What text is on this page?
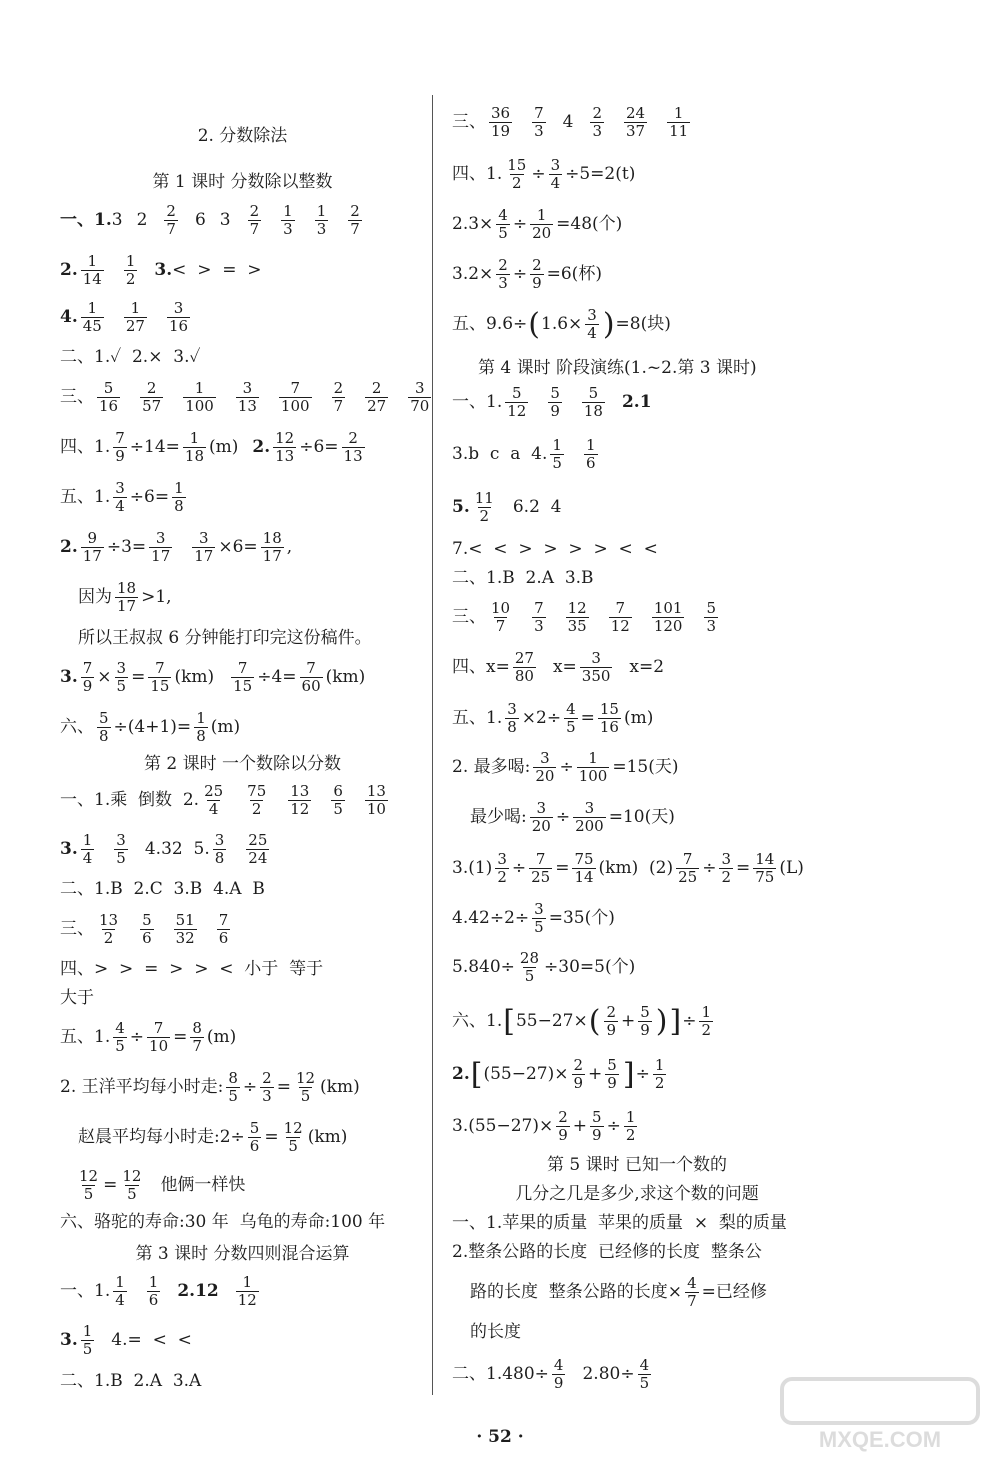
2. 分数除法
第 1 课时 分数除以整数
一、1. 3 $2 \frac{2}{7} 6$ $3 \frac{2}{7} \frac{1}{3} \frac{1}{3} \frac{2}{7}$
2. $\frac{1}{14} \frac{1}{2} 3$. <  >  =  >
4. $\frac{1}{45} \frac{1}{27} \frac{3}{16}$
二、1.✓  2.×  3.✓
三、 $\frac{5}{16} \frac{2}{57} \frac{1}{100} \frac{3}{13} \frac{7}{100} \frac{2}{7} \frac{2}{27} \frac{3}{70}$
四、1. $\frac{7}{9} \div 14= \frac{1}{18} (m)$ 2. $\frac{12}{13} \div 6= \frac{2}{13}$
五、1. $\frac{3}{4} \div 6= \frac{1}{8}$
2. $\frac{9}{17} \div 3= \frac{3}{17} \frac{3}{17} \times 6= \frac{18}{17}$ ,
因为 $\frac{18}{17} >1$,
所以王叔叔 6 分钟能打印完这份稿件。
3. $\frac{7}{9} \times \frac{3}{5} = \frac{7}{15} (km) \frac{7}{15} \div 4= \frac{7}{60} (km)$
六、 $\frac{5}{8} \div(4+1)= \frac{1}{8} (m)$
第 2 课时 一个数除以分数
一、1.乘  倒数  2. $\frac{25}{4} \frac{75}{2} \frac{13}{12} \frac{6}{5} \frac{13}{10}$
3. $\frac{1}{4} \frac{3}{5} 4.32$  5. $\frac{3}{8} \frac{25}{24}$
二、1.B  2.C  3.B  4.A  B
三、 $\frac{13}{2} \frac{5}{6} \frac{51}{32} \frac{7}{6}$
四、>  >  =  >  >  <  小于  等于
大于
五、1. $\frac{4}{5} \div \frac{7}{10} = \frac{8}{7} (m)$
2. 王洋平均每小时走: $\frac{8}{5} \div \frac{2}{3} = \frac{12}{5} (km)$
赵晨平均每小时走:2÷ $\frac{5}{6} = \frac{12}{5} (km)$
$\frac{12}{5} = \frac{12}{5}$ 他俩一样快
六、骆驼的寿命:30 年  乌龟的寿命:100 年
第 3 课时 分数四则混合运算
一、1. $\frac{1}{4} \frac{1}{6} 2.12 \frac{1}{12}$
3. $\frac{1}{5} 4.=$  <  <
二、1.B  2.A  3.A
三、 $\frac{36}{19} \frac{7}{3} 4 \frac{2}{3} \frac{24}{37} \frac{1}{11}$
四、1. $\frac{15}{2} \div \frac{3}{4} \div 5=2(t)$
$2.3\times \frac{4}{5} \div \frac{1}{20} =48$(个)
$3.2\times \frac{2}{3} \div \frac{2}{9} =6$(杯)
五、9.6÷ ( $1.6\times \frac{3}{4}$ ) =8(块)
第 4 课时 阶段演练(1.~2.第 3 课时)
一、1. $\frac{5}{12} \frac{5}{9} \frac{5}{18} 2.1$
3.b  c  a  4. $\frac{1}{5} \frac{1}{6}$
5. $\frac{11}{2} 6.2$  4
7.<  <  >  >  >  >  <  <
二、1.B  2.A  3.B
三、 $\frac{10}{7} \frac{7}{3} \frac{12}{35} \frac{7}{12} \frac{101}{120} \frac{5}{3}$
四、$x= \frac{27}{80} x= \frac{3}{350} x=2$
五、1. $\frac{3}{8} \times 2\div \frac{4}{5} = \frac{15}{16} (m)$
2. 最多喝: $\frac{3}{20} \div \frac{1}{100} =15$(天)
最少喝: $\frac{3}{20} \div \frac{3}{200} =10$(天)
$3.(1) \frac{3}{2} \div \frac{7}{25} = \frac{75}{14} (km)$  $(2) \frac{7}{25} \div \frac{3}{2} = \frac{14}{75} (L)$
$4.42\div 2\div \frac{3}{5} =35$(个)
$5.840\div \frac{28}{5} \div 30=5$(个)
六、1. [ 55−27× ( $\frac{2}{9} + \frac{5}{9}$ ) ] ÷ $\frac{1}{2}$
2. [ $(55-27)\times \frac{2}{9} + \frac{5}{9}$ ] ÷ $\frac{1}{2}$
$3.(55-27)\times \frac{2}{9} + \frac{5}{9} \div \frac{1}{2}$
第 5 课时 已知一个数的
几分之几是多少,求这个数的问题
一、1.苹果的质量  苹果的质量  ×  梨的质量
2.整条公路的长度  已经修的长度  整条公
路的长度  整条公路的长度× $\frac{4}{7}$ =已经修
的长度
二、$1.480\div \frac{4}{9} 2.80\div \frac{4}{5}$
· 52 ·	MXQE.COM
